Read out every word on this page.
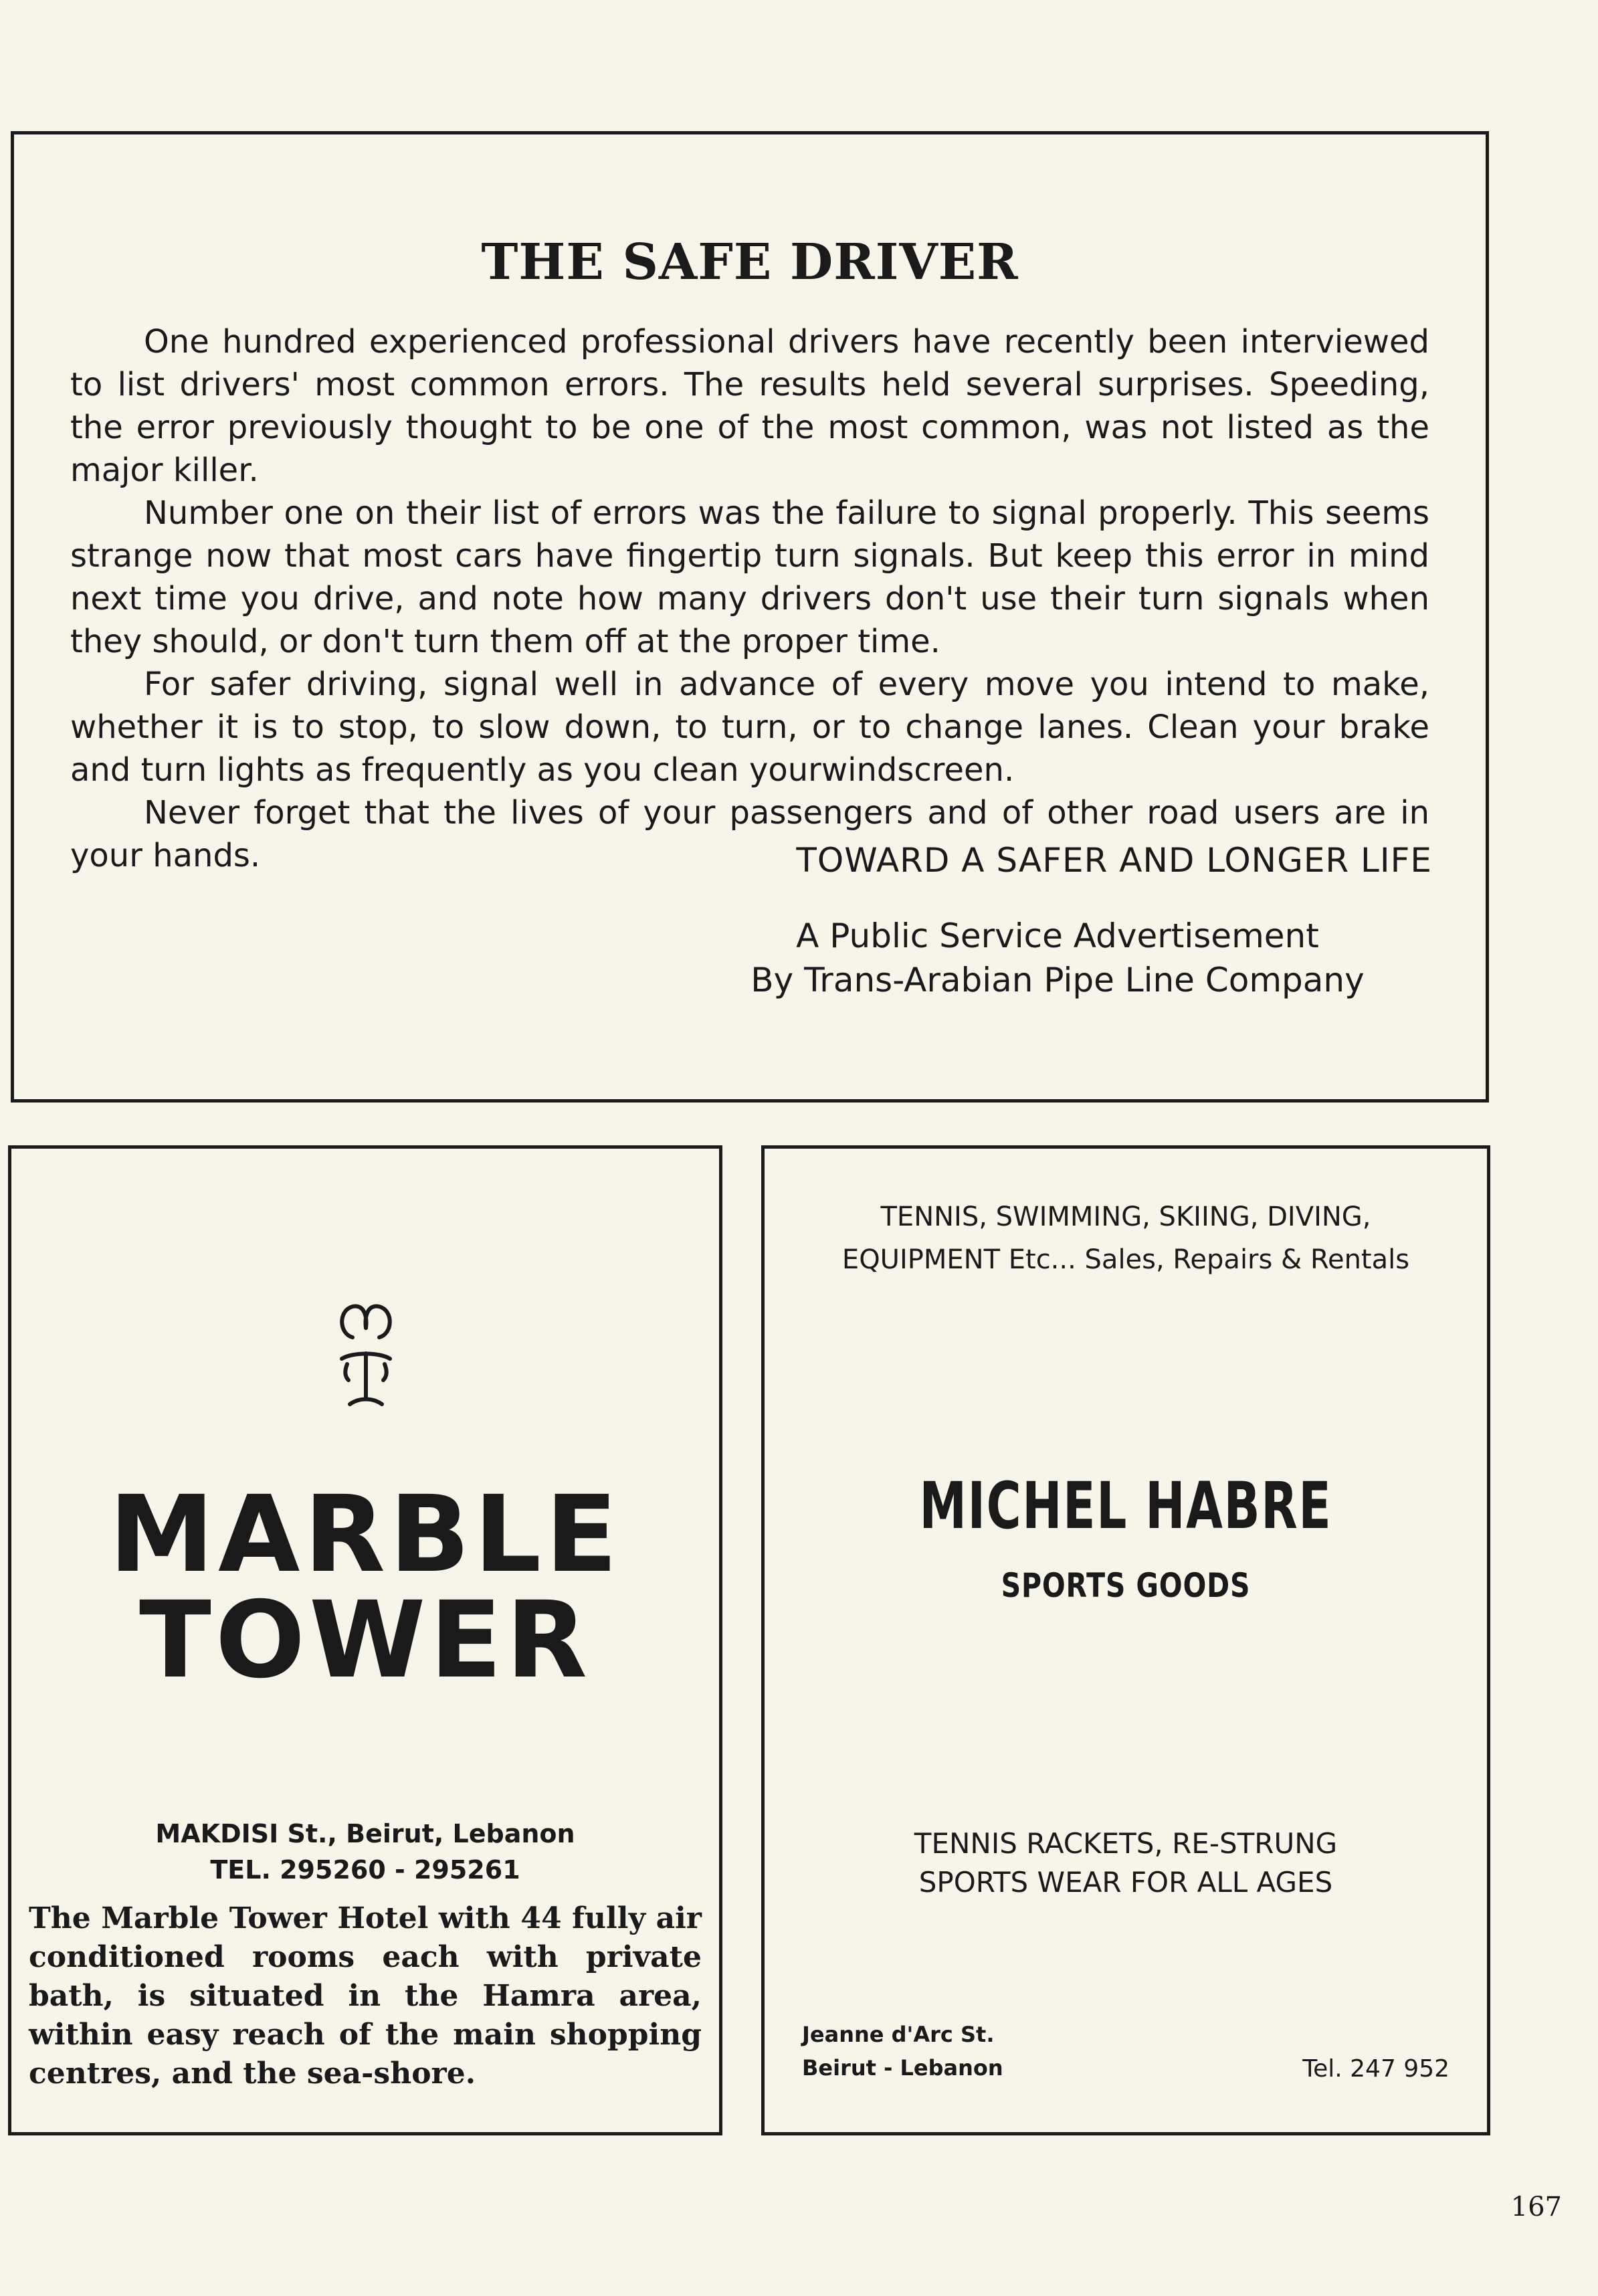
THE SAFE DRIVER

One hundred experienced professional drivers have recently been interviewed to list drivers' most common errors. The results held several surprises. Speeding, the error previously thought to be one of the most common, was not listed as the major killer.

Number one on their list of errors was the failure to signal properly. This seems strange now that most cars have fingertip turn signals. But keep this error in mind next time you drive, and note how many drivers don't use their turn signals when they should, or don't turn them off at the proper time.

For safer driving, signal well in advance of every move you intend to make, whether it is to stop, to slow down, to turn, or to change lanes. Clean your brake and turn lights as frequently as you clean yourwindscreen.

Never forget that the lives of your passengers and of other road users are in your hands.	TOWARD A SAFER AND LONGER LIFE
A Public Service Advertisement
By Trans-Arabian Pipe Line Company
MARBLE
TOWER
MAKDISI St., Beirut, Lebanon
TEL. 295260 - 295261
The Marble Tower Hotel with 44 fully air conditioned rooms each with private bath, is situated in the Hamra area, within easy reach of the main shopping centres, and the sea-shore.
TENNIS, SWIMMING, SKIING, DIVING,
EQUIPMENT Etc... Sales, Repairs & Rentals
MICHEL HABRE
SPORTS GOODS
TENNIS RACKETS, RE-STRUNG
SPORTS WEAR FOR ALL AGES
Jeanne d'Arc St.
Beirut - Lebanon	Tel. 247 952
167
